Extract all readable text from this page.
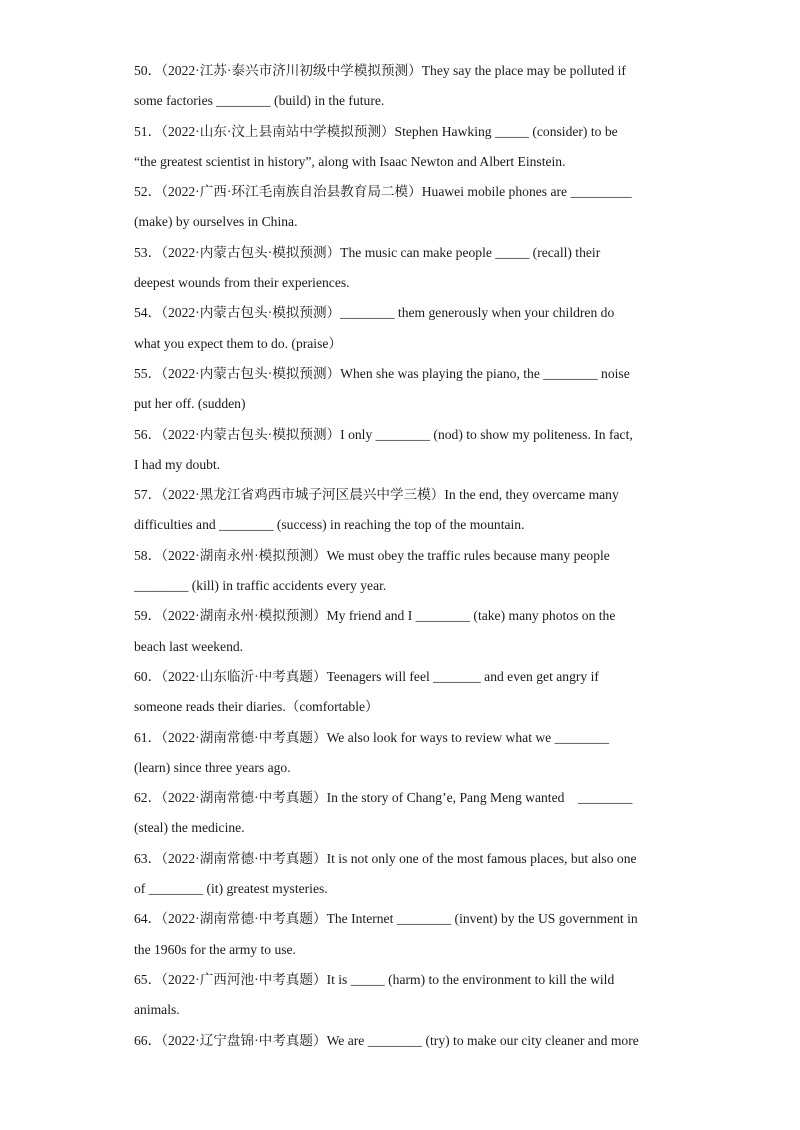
50．（2022·江苏·泰兴市济川初级中学模拟预测）They say the place may be polluted if
some factories ________ (build) in the future.
51．（2022·山东·汶上县南站中学模拟预测）Stephen Hawking _____ (consider) to be
“the greatest scientist in history”, along with Isaac Newton and Albert Einstein.
52．（2022·广西·环江毛南族自治县教育局二模）Huawei mobile phones are _________
(make) by ourselves in China.
53．（2022·内蒙古包头·模拟预测）The music can make people _____ (recall) their
deepest wounds from their experiences.
54．（2022·内蒙古包头·模拟预测）________ them generously when your children do
what you expect them to do. (praise）
55．（2022·内蒙古包头·模拟预测）When she was playing the piano, the ________ noise
put her off. (sudden)
56．（2022·内蒙古包头·模拟预测）I only ________ (nod) to show my politeness. In fact,
I had my doubt.
57．（2022·黑龙江省鸡西市城子河区晨兴中学三模）In the end, they overcame many
difficulties and ________ (success) in reaching the top of the mountain.
58．（2022·湖南永州·模拟预测）We must obey the traffic rules because many people
________ (kill) in traffic accidents every year.
59．（2022·湖南永州·模拟预测）My friend and I ________ (take) many photos on the
beach last weekend.
60．（2022·山东临沂·中考真题）Teenagers will feel _______ and even get angry if
someone reads their diaries.（comfortable）
61．（2022·湖南常德·中考真题）We also look for ways to review what we ________
(learn) since three years ago.
62．（2022·湖南常德·中考真题）In the story of Chang’e, Pang Meng wanted　________
(steal) the medicine.
63．（2022·湖南常德·中考真题）It is not only one of the most famous places, but also one
of ________ (it) greatest mysteries.
64．（2022·湖南常德·中考真题）The Internet ________ (invent) by the US government in
the 1960s for the army to use.
65．（2022·广西河池·中考真题）It is _____ (harm) to the environment to kill the wild
animals.
66．（2022·辽宁盘锦·中考真题）We are ________ (try) to make our city cleaner and more
